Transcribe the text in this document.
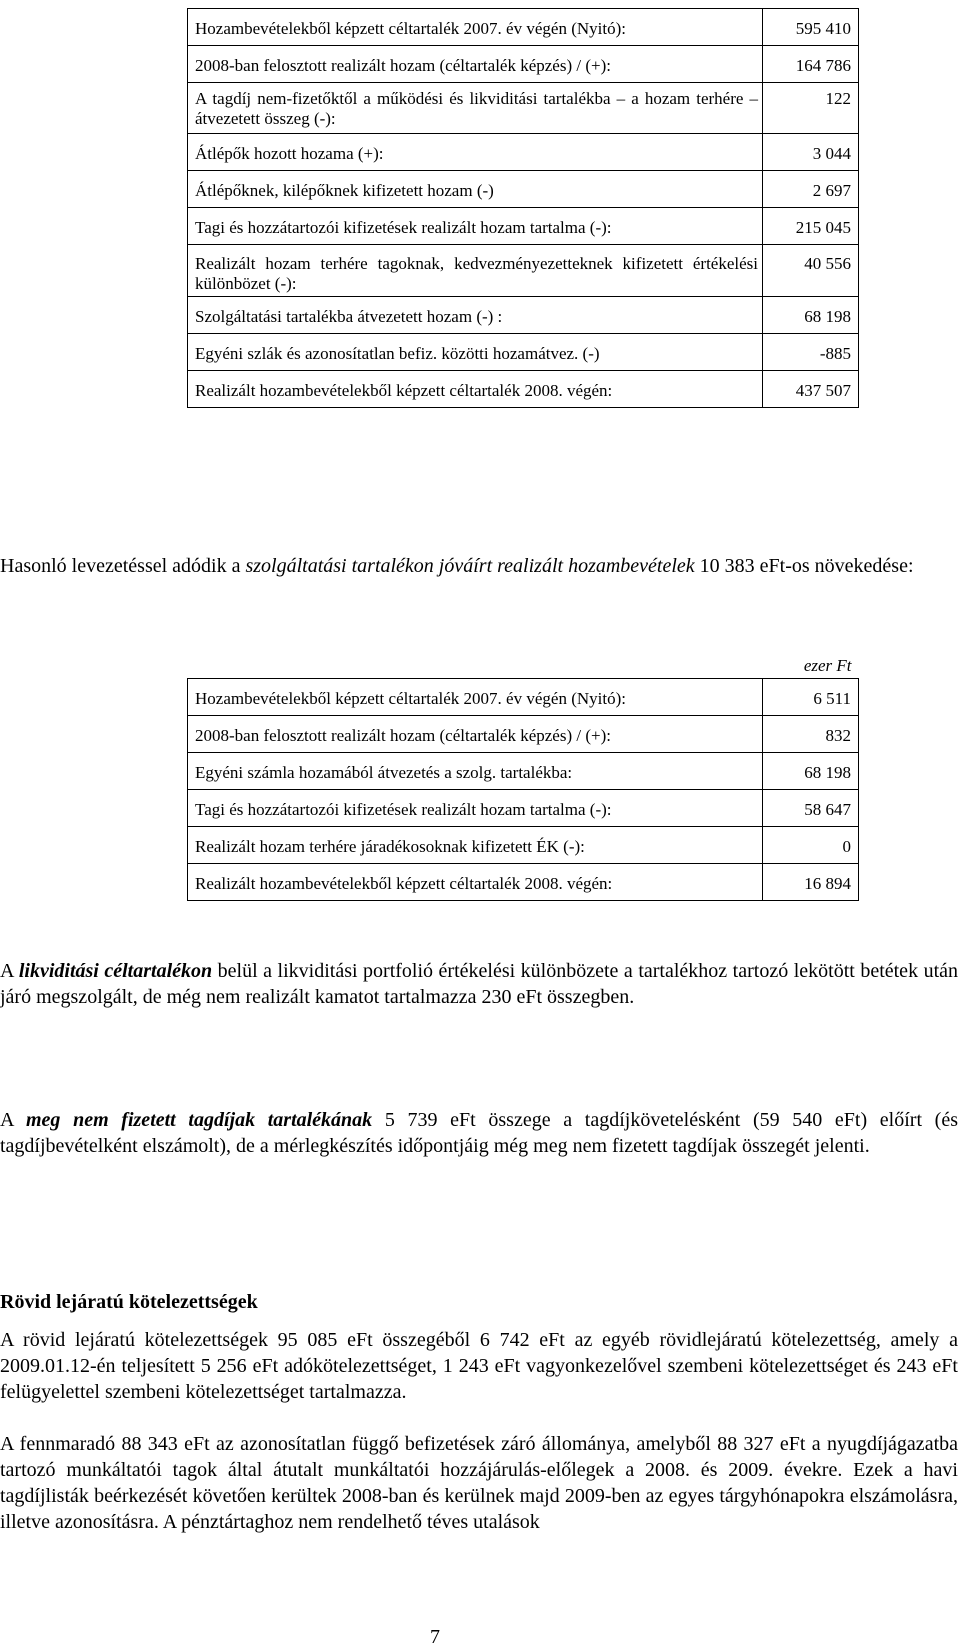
Hozambevételekből képzett céltartalék 2007. év végén (Nyitó):	595 410
2008-ban felosztott realizált hozam (céltartalék képzés) / (+):	164 786
A tagdíj nem-fizetőktől a működési és likviditási tartalékba – a hozam terhére – átvezetett összeg (-):	122
Átlépők hozott hozama (+):	3 044
Átlépőknek, kilépőknek kifizetett hozam (-)	2 697
Tagi és hozzátartozói kifizetések realizált hozam tartalma (-):	215 045
Realizált hozam terhére tagoknak, kedvezményezetteknek kifizetett értékelési különbözet (-):	40 556
Szolgáltatási tartalékba átvezetett hozam (-) :	68 198
Egyéni szlák és azonosítatlan befiz. közötti hozamátvez. (-)	-885
Realizált hozambevételekből képzett céltartalék 2008. végén:	437 507

Hasonló levezetéssel adódik a szolgáltatási tartalékon jóváírt realizált hozambevételek 10 383 eFt-os növekedése:

	ezer Ft
Hozambevételekből képzett céltartalék 2007. év végén (Nyitó):	6 511
2008-ban felosztott realizált hozam (céltartalék képzés) / (+):	832
Egyéni számla hozamából átvezetés a szolg. tartalékba:	68 198
Tagi és hozzátartozói kifizetések realizált hozam tartalma (-):	58 647
Realizált hozam terhére járadékosoknak kifizetett ÉK (-):	0
Realizált hozambevételekből képzett céltartalék 2008. végén:	16 894

A likviditási céltartalékon belül a likviditási portfolió értékelési különbözete a tartalékhoz tartozó lekötött betétek után járó megszolgált, de még nem realizált kamatot tartalmazza 230 eFt összegben.

A meg nem fizetett tagdíjak tartalékának 5 739 eFt összege a tagdíjkövetelésként (59 540 eFt) előírt (és tagdíjbevételként elszámolt), de a mérlegkészítés időpontjáig még meg nem fizetett tagdíjak összegét jelenti.

Rövid lejáratú kötelezettségek

A rövid lejáratú kötelezettségek 95 085 eFt összegéből 6 742 eFt az egyéb rövidlejáratú kötelezettség, amely a 2009.01.12-én teljesített 5 256 eFt adókötelezettséget, 1 243 eFt vagyonkezelővel szembeni kötelezettséget és 243 eFt felügyelettel szembeni kötelezettséget tartalmazza.

A fennmaradó 88 343 eFt az azonosítatlan függő befizetések záró állománya, amelyből 88 327 eFt a nyugdíjágazatba tartozó munkáltatói tagok által átutalt munkáltatói hozzájárulás-előlegek a 2008. és 2009. évekre. Ezek a havi tagdíjlisták beérkezését követően kerültek 2008-ban és kerülnek majd 2009-ben az egyes tárgyhónapokra elszámolásra, illetve azonosításra. A pénztártaghoz nem rendelhető téves utalások

7
